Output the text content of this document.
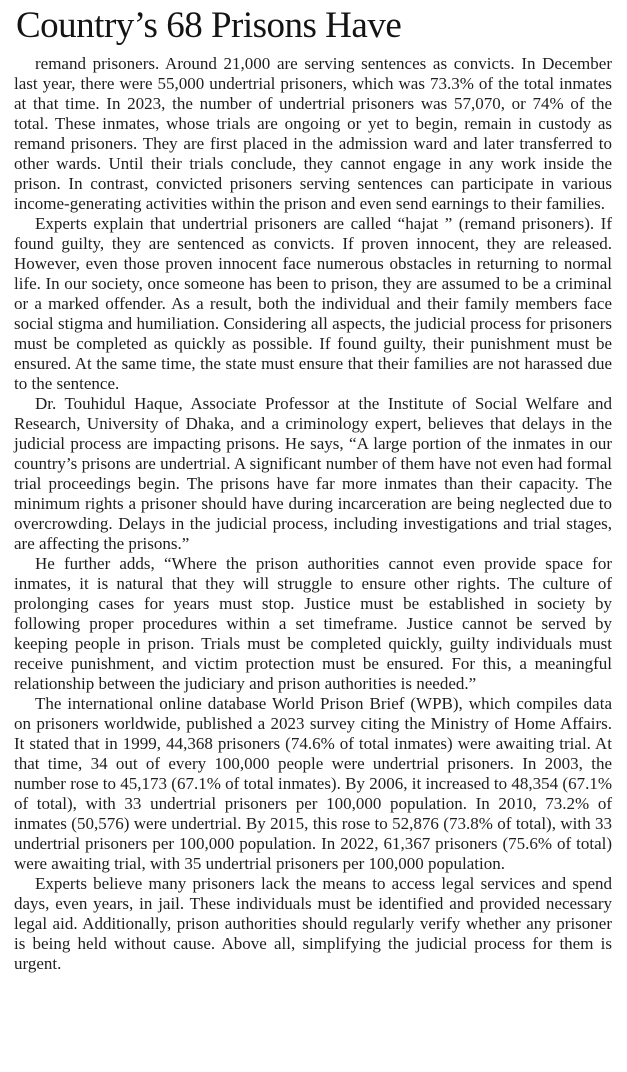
Country’s 68 Prisons Have

remand prisoners. Around 21,000 are serving sentences as convicts. In December last year, there were 55,000 undertrial prisoners, which was 73.3% of the total inmates at that time. In 2023, the number of undertrial prisoners was 57,070, or 74% of the total. These inmates, whose trials are ongoing or yet to begin, remain in custody as remand prisoners. They are first placed in the admission ward and later transferred to other wards. Until their trials conclude, they cannot engage in any work inside the prison. In contrast, convicted prisoners serving sentences can participate in various income-generating activities within the prison and even send earnings to their families.

Experts explain that undertrial prisoners are called “hajat ” (remand prisoners). If found guilty, they are sentenced as convicts. If proven innocent, they are released. However, even those proven innocent face numerous obstacles in returning to normal life. In our society, once someone has been to prison, they are assumed to be a criminal or a marked offender. As a result, both the individual and their family members face social stigma and humiliation. Considering all aspects, the judicial process for prisoners must be completed as quickly as possible. If found guilty, their punishment must be ensured. At the same time, the state must ensure that their families are not harassed due to the sentence.

Dr. Touhidul Haque, Associate Professor at the Institute of Social Welfare and Research, University of Dhaka, and a criminology expert, believes that delays in the judicial process are impacting prisons. He says, “A large portion of the inmates in our country’s prisons are undertrial. A significant number of them have not even had formal trial proceedings begin. The prisons have far more inmates than their capacity. The minimum rights a prisoner should have during incarceration are being neglected due to overcrowding. Delays in the judicial process, including investigations and trial stages, are affecting the prisons.”

He further adds, “Where the prison authorities cannot even provide space for inmates, it is natural that they will struggle to ensure other rights. The culture of prolonging cases for years must stop. Justice must be established in society by following proper procedures within a set timeframe. Justice cannot be served by keeping people in prison. Trials must be completed quickly, guilty individuals must receive punishment, and victim protection must be ensured. For this, a meaningful relationship between the judiciary and prison authorities is needed.”

The international online database World Prison Brief (WPB), which compiles data on prisoners worldwide, published a 2023 survey citing the Ministry of Home Affairs. It stated that in 1999, 44,368 prisoners (74.6% of total inmates) were awaiting trial. At that time, 34 out of every 100,000 people were undertrial prisoners. In 2003, the number rose to 45,173 (67.1% of total inmates). By 2006, it increased to 48,354 (67.1% of total), with 33 undertrial prisoners per 100,000 population. In 2010, 73.2% of inmates (50,576) were undertrial. By 2015, this rose to 52,876 (73.8% of total), with 33 undertrial prisoners per 100,000 population. In 2022, 61,367 prisoners (75.6% of total) were awaiting trial, with 35 undertrial prisoners per 100,000 population.

Experts believe many prisoners lack the means to access legal services and spend days, even years, in jail. These individuals must be identified and provided necessary legal aid. Additionally, prison authorities should regularly verify whether any prisoner is being held without cause. Above all, simplifying the judicial process for them is urgent.
